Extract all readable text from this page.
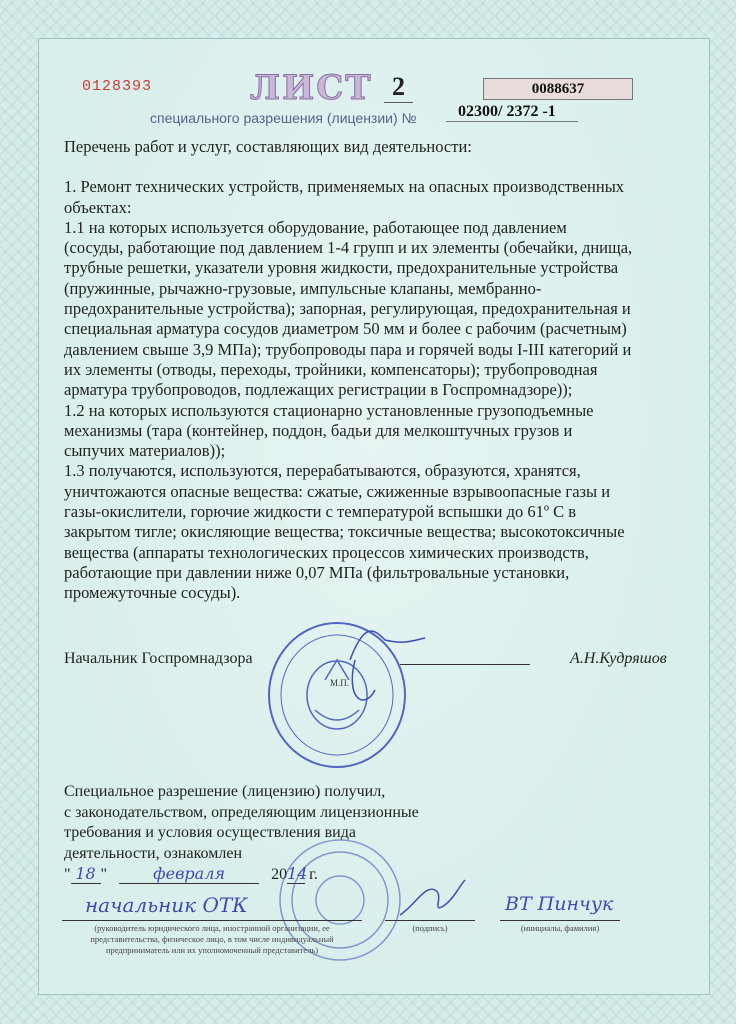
0128393	ЛИСТ 2	0088637
специального разрешения (лицензии) №	02300/ 2372 -1
Перечень работ и услуг, составляющих вид деятельности:
1. Ремонт технических устройств, применяемых на опасных производственных
объектах:
1.1 на которых используется оборудование, работающее под давлением
(сосуды, работающие под давлением 1-4 групп и их элементы (обечайки, днища,
трубные решетки, указатели уровня жидкости, предохранительные устройства
(пружинные, рычажно-грузовые, импульсные клапаны, мембранно-
предохранительные устройства); запорная, регулирующая, предохранительная и
специальная арматура сосудов диаметром 50 мм и более с рабочим (расчетным)
давлением свыше 3,9 МПа); трубопроводы пара и горячей воды I-III категорий и
их элементы (отводы, переходы, тройники, компенсаторы); трубопроводная
арматура трубопроводов, подлежащих регистрации в Госпромнадзоре));
1.2 на которых используются стационарно установленные грузоподъемные
механизмы (тара (контейнер, поддон, бадьи для мелкоштучных грузов и
сыпучих материалов));
1.3 получаются, используются, перерабатываются, образуются, хранятся,
уничтожаются опасные вещества: сжатые, сжиженные взрывоопасные газы и
газы-окислители, горючие жидкости с температурой вспышки до 61º С в
закрытом тигле; окисляющие вещества; токсичные вещества; высокотоксичные
вещества (аппараты технологических процессов химических производств,
работающие при давлении ниже 0,07 МПа (фильтровальные установки,
промежуточные сосуды).
Начальник Госпромнадзора
М.П.
А.Н.Кудряшов
Специальное разрешение (лицензию) получил,
с законодательством, определяющим лицензионные
требования и условия осуществления вида
деятельности, ознакомлен
" 18 "	февраля	2014 г.
начальник ОТК
(руководитель юридического лица, иностранной организации, ее представительства, физическое лицо, в том числе индивидуальный предприниматель или их уполномоченный представитель)
(подпись)
ВТ Пинчук
(инициалы, фамилия)
